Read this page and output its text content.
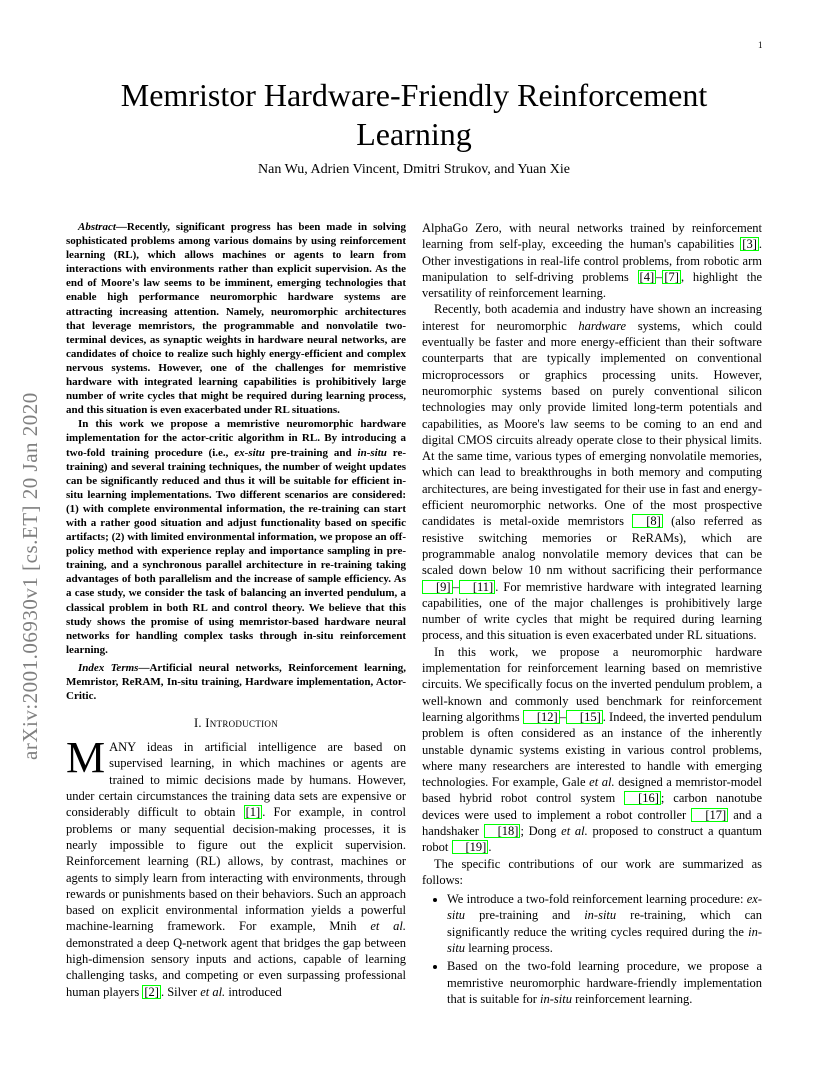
1
arXiv:2001.06930v1 [cs.ET] 20 Jan 2020
Memristor Hardware-Friendly Reinforcement Learning
Nan Wu, Adrien Vincent, Dmitri Strukov, and Yuan Xie

Abstract—Recently, significant progress has been made in solving sophisticated problems among various domains by using reinforcement learning (RL), which allows machines or agents to learn from interactions with environments rather than explicit supervision. As the end of Moore's law seems to be imminent, emerging technologies that enable high performance neuromorphic hardware systems are attracting increasing attention. Namely, neuromorphic architectures that leverage memristors, the programmable and nonvolatile two-terminal devices, as synaptic weights in hardware neural networks, are candidates of choice to realize such highly energy-efficient and complex nervous systems. However, one of the challenges for memristive hardware with integrated learning capabilities is prohibitively large number of write cycles that might be required during learning process, and this situation is even exacerbated under RL situations.

In this work we propose a memristive neuromorphic hardware implementation for the actor-critic algorithm in RL. By introducing a two-fold training procedure (i.e., ex-situ pre-training and in-situ re-training) and several training techniques, the number of weight updates can be significantly reduced and thus it will be suitable for efficient in-situ learning implementations. Two different scenarios are considered: (1) with complete environmental information, the re-training can start with a rather good situation and adjust functionality based on specific artifacts; (2) with limited environmental information, we propose an off-policy method with experience replay and importance sampling in pre-training, and a synchronous parallel architecture in re-training taking advantages of both parallelism and the increase of sample efficiency. As a case study, we consider the task of balancing an inverted pendulum, a classical problem in both RL and control theory. We believe that this study shows the promise of using memristor-based hardware neural networks for handling complex tasks through in-situ reinforcement learning.

Index Terms—Artificial neural networks, Reinforcement learning, Memristor, ReRAM, In-situ training, Hardware implementation, Actor-Critic.

I. Introduction

MANY ideas in artificial intelligence are based on supervised learning, in which machines or agents are trained to mimic decisions made by humans. However, under certain circumstances the training data sets are expensive or considerably difficult to obtain [1] . For example, in control problems or many sequential decision-making processes, it is nearly impossible to figure out the explicit supervision. Reinforcement learning (RL) allows, by contrast, machines or agents to simply learn from interacting with environments, through rewards or punishments based on their behaviors. Such an approach based on explicit environmental information yields a powerful machine-learning framework. For example, Mnih et al. demonstrated a deep Q-network agent that bridges the gap between high-dimension sensory inputs and actions, capable of learning challenging tasks, and competing or even surpassing professional human players [2] . Silver et al. introduced

AlphaGo Zero, with neural networks trained by reinforcement learning from self-play, exceeding the human's capabilities [3] . Other investigations in real-life control problems, from robotic arm manipulation to self-driving problems [4] – [7] , highlight the versatility of reinforcement learning.

Recently, both academia and industry have shown an increasing interest for neuromorphic hardware systems, which could eventually be faster and more energy-efficient than their software counterparts that are typically implemented on conventional microprocessors or graphics processing units. However, neuromorphic systems based on purely conventional silicon technologies may only provide limited long-term potentials and capabilities, as Moore's law seems to be coming to an end and digital CMOS circuits already operate close to their physical limits. At the same time, various types of emerging nonvolatile memories, which can lead to breakthroughs in both memory and computing architectures, are being investigated for their use in fast and energy-efficient neuromorphic networks. One of the most prospective candidates is metal-oxide memristors [8] (also referred as resistive switching memories or ReRAMs), which are programmable analog nonvolatile memory devices that can be scaled down below 10 nm without sacrificing their performance [9] – [11] . For memristive hardware with integrated learning capabilities, one of the major challenges is prohibitively large number of write cycles that might be required during learning process, and this situation is even exacerbated under RL situations.

In this work, we propose a neuromorphic hardware implementation for reinforcement learning based on memristive circuits. We specifically focus on the inverted pendulum problem, a well-known and commonly used benchmark for reinforcement learning algorithms [12] – [15] . Indeed, the inverted pendulum problem is often considered as an instance of the inherently unstable dynamic systems existing in various control problems, where many researchers are interested to handle with emerging technologies. For example, Gale et al. designed a memristor-model based hybrid robot control system [16] ; carbon nanotube devices were used to implement a robot controller [17] and a handshaker [18] ; Dong et al. proposed to construct a quantum robot [19] .

The specific contributions of our work are summarized as follows:

• We introduce a two-fold reinforcement learning procedure: ex-situ pre-training and in-situ re-training, which can significantly reduce the writing cycles required during the in-situ learning process.
• Based on the two-fold learning procedure, we propose a memristive neuromorphic hardware-friendly implementation that is suitable for in-situ reinforcement learning.
